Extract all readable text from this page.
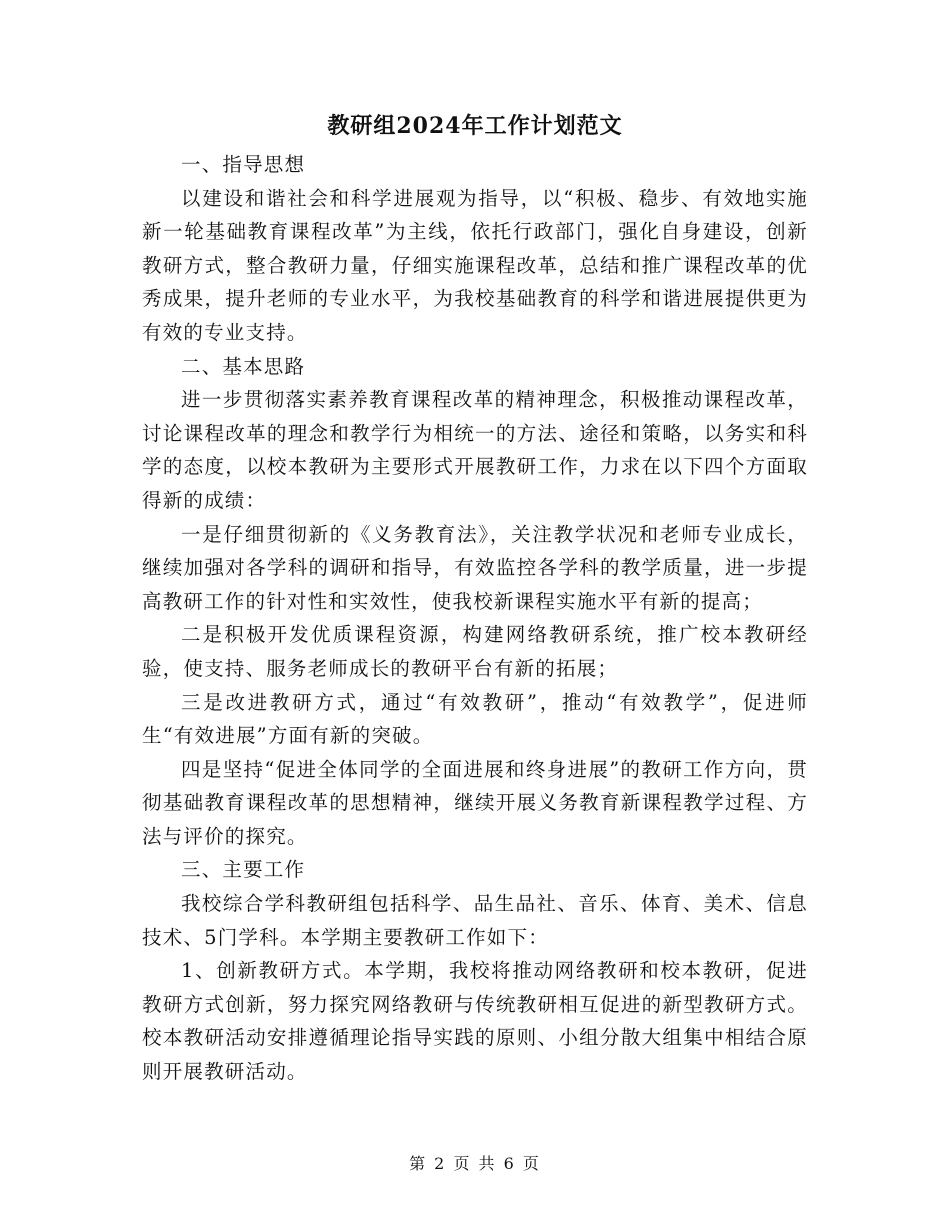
教研组2024年工作计划范文

一、指导思想

以建设和谐社会和科学进展观为指导，以“积极、稳步、有效地实施新一轮基础教育课程改革”为主线，依托行政部门，强化自身建设，创新教研方式，整合教研力量，仔细实施课程改革，总结和推广课程改革的优秀成果，提升老师的专业水平，为我校基础教育的科学和谐进展提供更为有效的专业支持。

二、基本思路

进一步贯彻落实素养教育课程改革的精神理念，积极推动课程改革，讨论课程改革的理念和教学行为相统一的方法、途径和策略，以务实和科学的态度，以校本教研为主要形式开展教研工作，力求在以下四个方面取得新的成绩：

一是仔细贯彻新的《义务教育法》，关注教学状况和老师专业成长，继续加强对各学科的调研和指导，有效监控各学科的教学质量，进一步提高教研工作的针对性和实效性，使我校新课程实施水平有新的提高；

二是积极开发优质课程资源，构建网络教研系统，推广校本教研经验，使支持、服务老师成长的教研平台有新的拓展；

三是改进教研方式，通过“有效教研”，推动“有效教学”，促进师生“有效进展”方面有新的突破。

四是坚持“促进全体同学的全面进展和终身进展”的教研工作方向，贯彻基础教育课程改革的思想精神，继续开展义务教育新课程教学过程、方法与评价的探究。

三、主要工作

我校综合学科教研组包括科学、品生品社、音乐、体育、美术、信息技术、5门学科。本学期主要教研工作如下：

1、创新教研方式。本学期，我校将推动网络教研和校本教研，促进教研方式创新，努力探究网络教研与传统教研相互促进的新型教研方式。校本教研活动安排遵循理论指导实践的原则、小组分散大组集中相结合原则开展教研活动。

第 2 页 共 6 页
